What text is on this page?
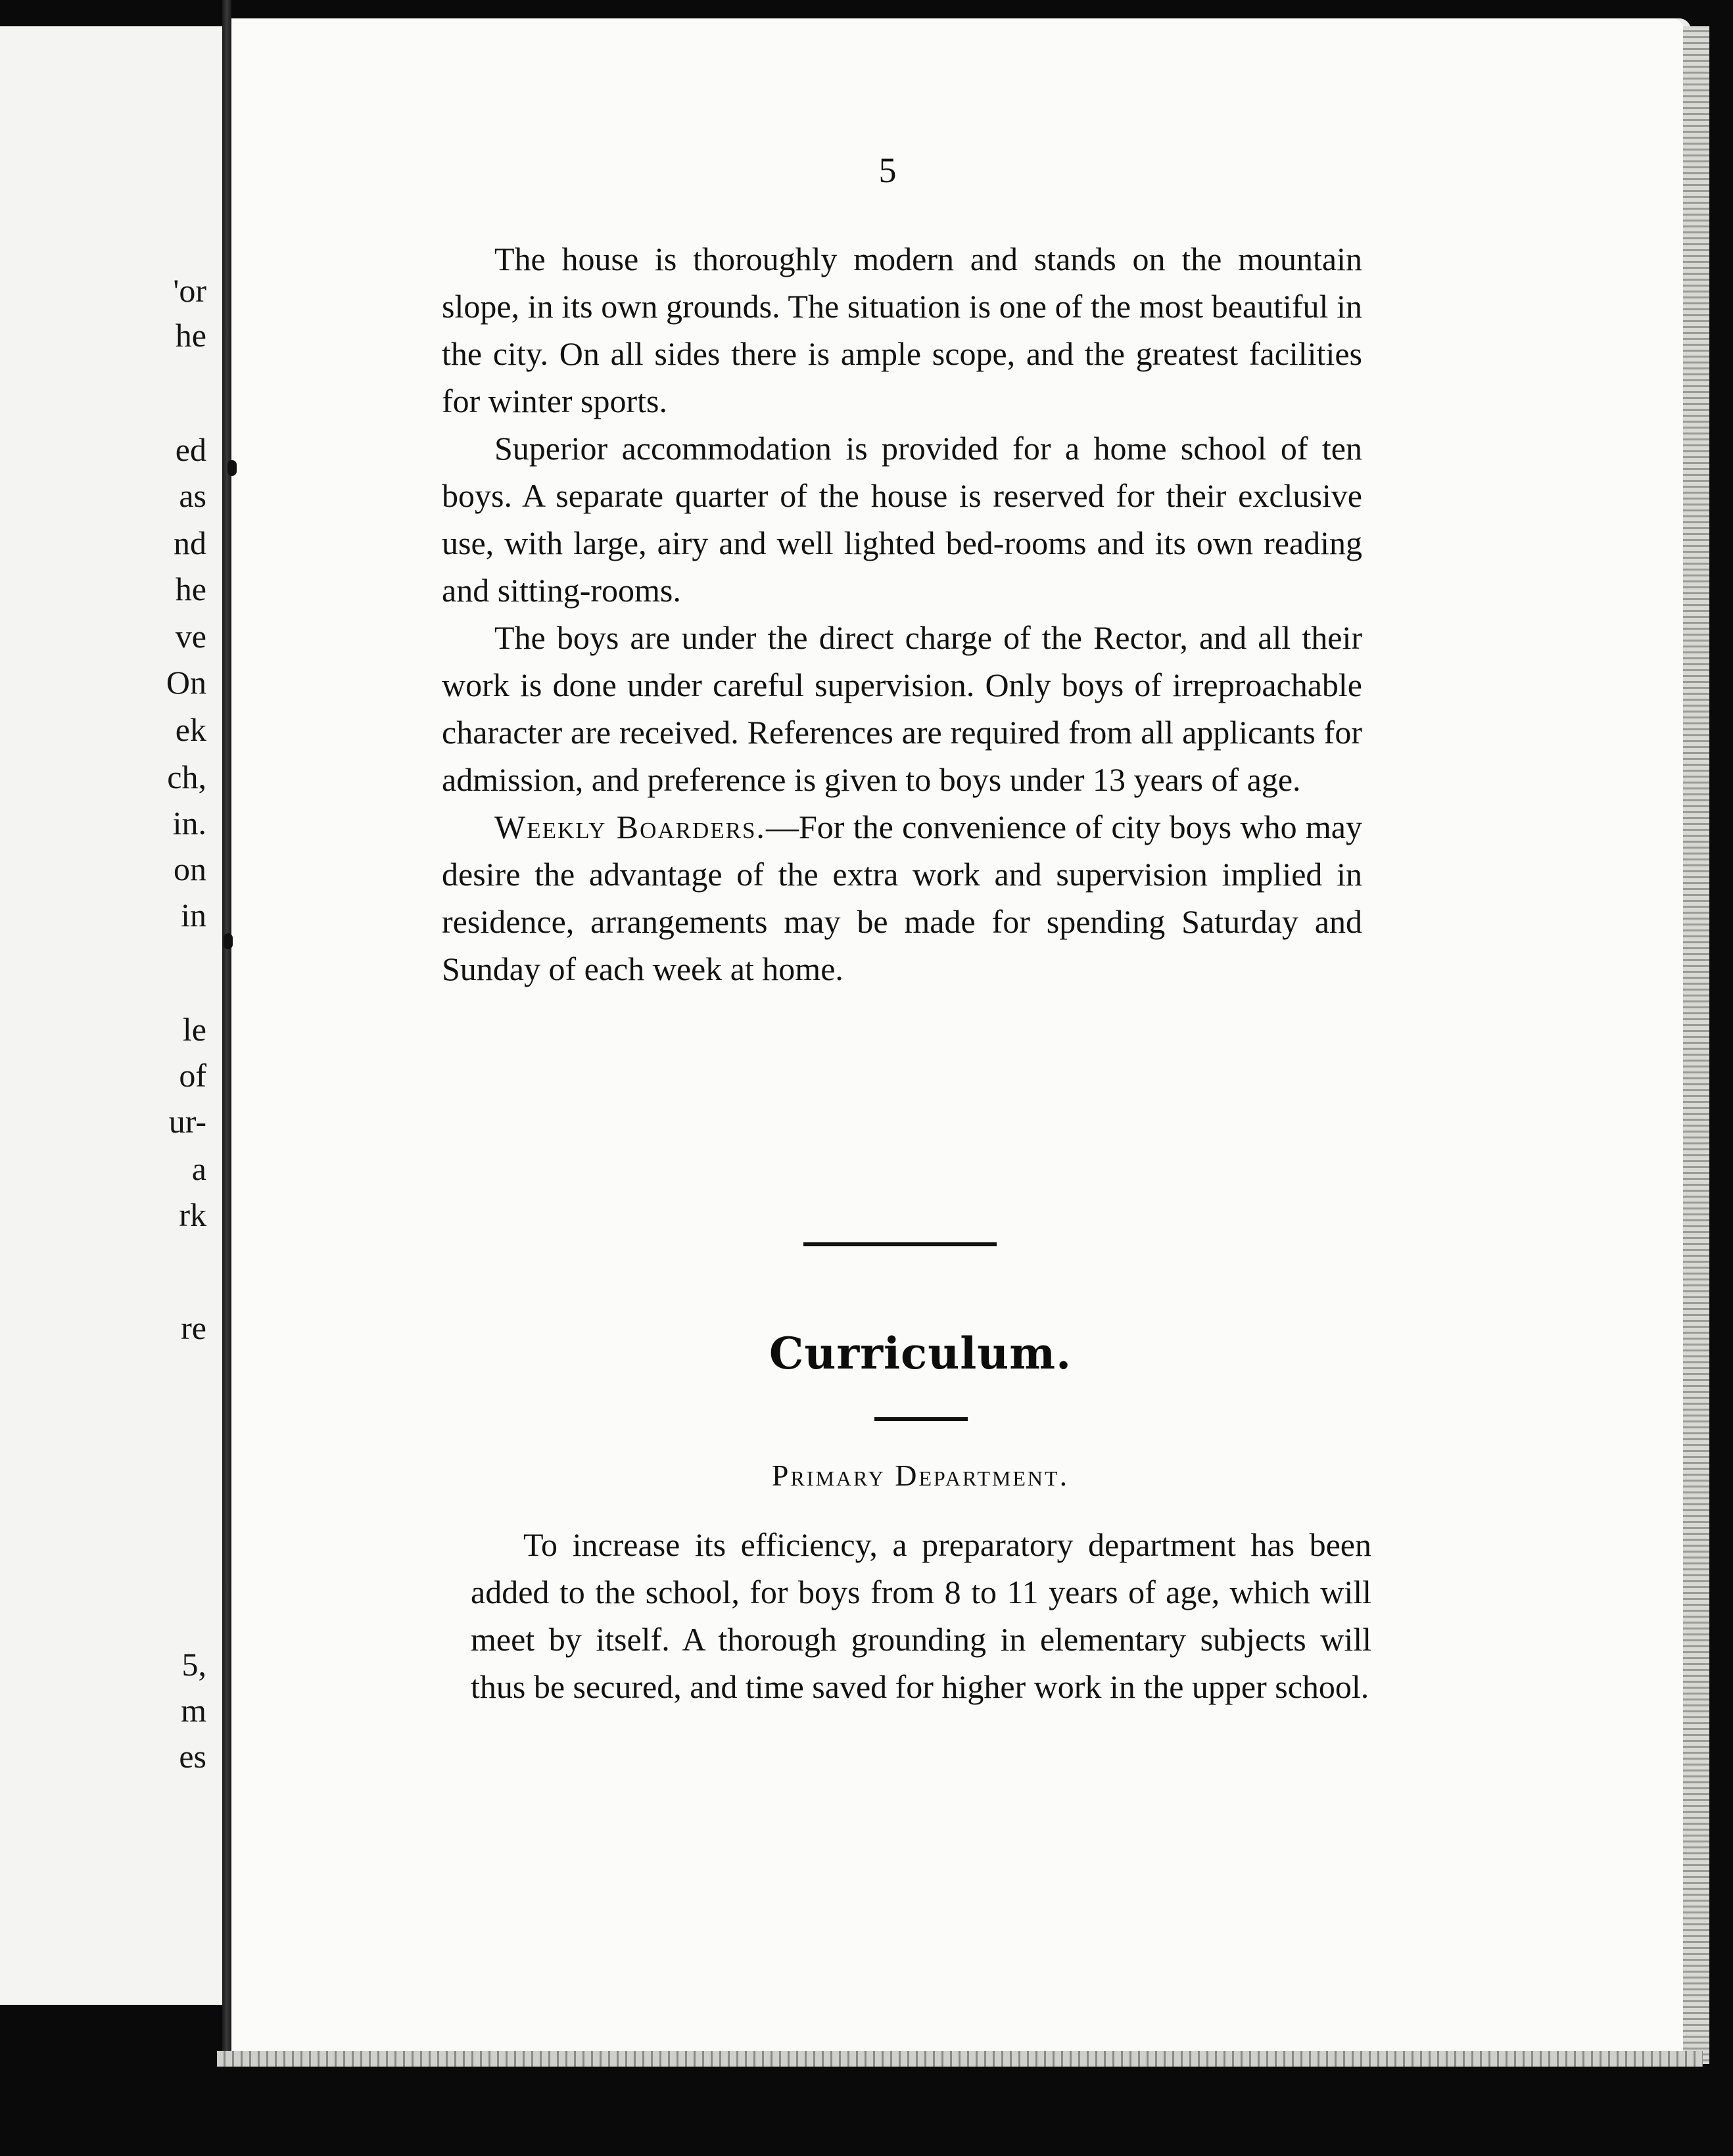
'or
he
ed
as
nd
he
ve
On
ek
ch,
in.
on
in
le
of
ur-
a
rk
re
5,
m
es
5

The house is thoroughly modern and stands on the mountain slope, in its own grounds. The situation is one of the most beautiful in the city. On all sides there is ample scope, and the greatest facilities for winter sports.

Superior accommodation is provided for a home school of ten boys. A separate quarter of the house is reserved for their exclusive use, with large, airy and well lighted bed-rooms and its own reading and sitting-rooms.

The boys are under the direct charge of the Rector, and all their work is done under careful supervision. Only boys of irreproachable character are received. References are required from all applicants for admission, and preference is given to boys under 13 years of age.

Weekly Boarders.—For the convenience of city boys who may desire the advantage of the extra work and supervision implied in residence, arrangements may be made for spending Saturday and Sunday of each week at home.

Curriculum.
Primary Department.

To increase its efficiency, a preparatory department has been added to the school, for boys from 8 to 11 years of age, which will meet by itself. A thorough grounding in elementary subjects will thus be secured, and time saved for higher work in the upper school.
